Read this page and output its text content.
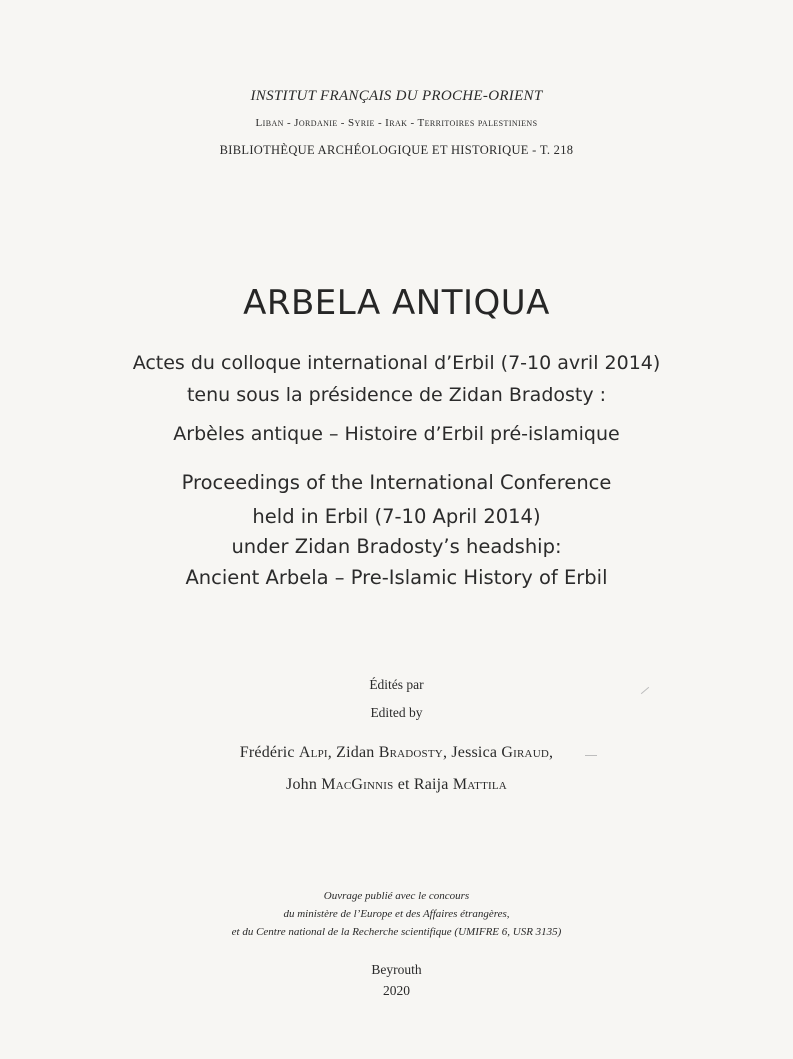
INSTITUT FRANÇAIS DU PROCHE-ORIENT
Liban - Jordanie - Syrie - Irak - Territoires palestiniens
BIBLIOTHÈQUE ARCHÉOLOGIQUE ET HISTORIQUE - T. 218
ARBELA ANTIQUA
Actes du colloque international d’Erbil (7-10 avril 2014)
tenu sous la présidence de Zidan Bradosty :
Arbèles antique – Histoire d’Erbil pré-islamique
Proceedings of the International Conference
held in Erbil (7-10 April 2014)
under Zidan Bradosty’s headship:
Ancient Arbela – Pre-Islamic History of Erbil
Édités par
Edited by
Frédéric Alpi, Zidan Bradosty, Jessica Giraud,
John MacGinnis et Raija Mattila
Ouvrage publié avec le concours
du ministère de l’Europe et des Affaires étrangères,
et du Centre national de la Recherche scientifique (UMIFRE 6, USR 3135)
Beyrouth
2020
